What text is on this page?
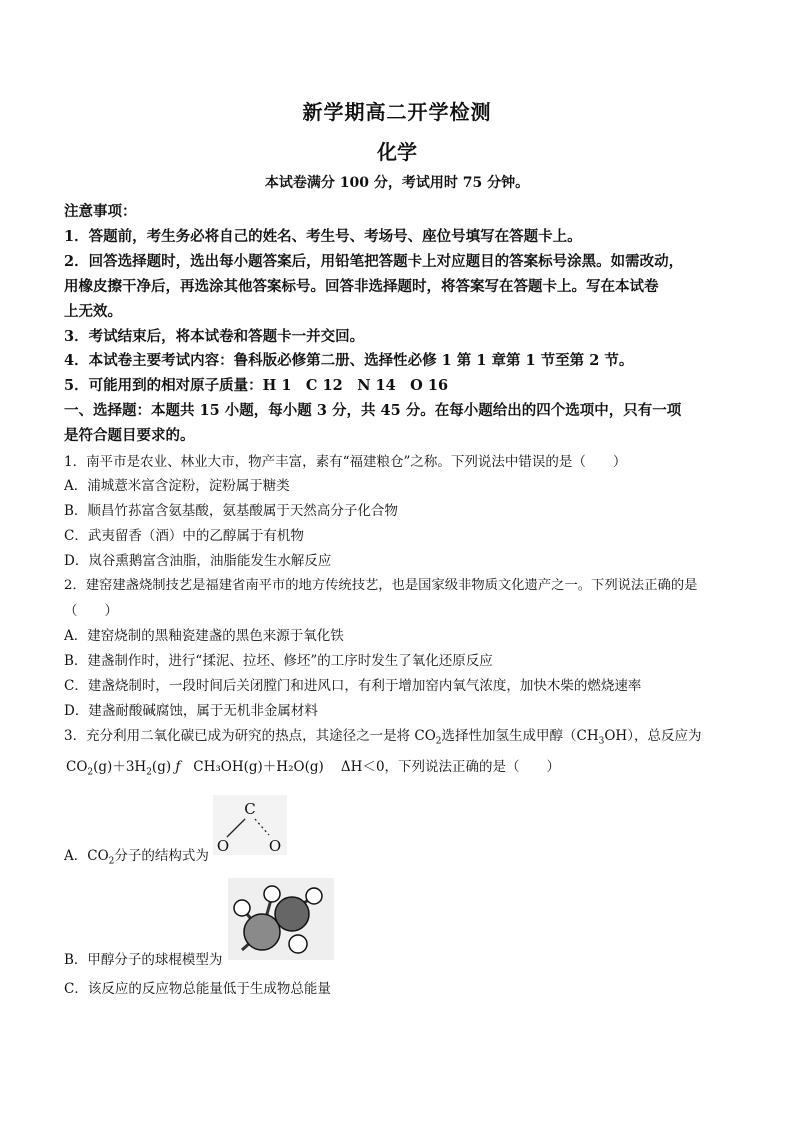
新学期高二开学检测
化学
本试卷满分 100 分，考试用时 75 分钟。
注意事项：
1．答题前，考生务必将自己的姓名、考生号、考场号、座位号填写在答题卡上。
2．回答选择题时，选出每小题答案后，用铅笔把答题卡上对应题目的答案标号涂黑。如需改动，
用橡皮擦干净后，再选涂其他答案标号。回答非选择题时，将答案写在答题卡上。写在本试卷
上无效。
3．考试结束后，将本试卷和答题卡一并交回。
4．本试卷主要考试内容：鲁科版必修第二册、选择性必修 1 第 1 章第 1 节至第 2 节。
5．可能用到的相对原子质量：H 1　C 12　N 14　O 16
一、选择题：本题共 15 小题，每小题 3 分，共 45 分。在每小题给出的四个选项中，只有一项
是符合题目要求的。
1．南平市是农业、林业大市，物产丰富，素有“福建粮仓”之称。下列说法中错误的是（　　）
A．浦城薏米富含淀粉，淀粉属于糖类
B．顺昌竹荪富含氨基酸，氨基酸属于天然高分子化合物
C．武夷留香（酒）中的乙醇属于有机物
D．岚谷熏鹅富含油脂，油脂能发生水解反应
2．建窑建盏烧制技艺是福建省南平市的地方传统技艺，也是国家级非物质文化遗产之一。下列说法正确的是
（　　）
A．建窑烧制的黑釉瓷建盏的黑色来源于氧化铁
B．建盏制作时，进行“揉泥、拉坯、修坯”的工序时发生了氧化还原反应
C．建盏烧制时，一段时间后关闭膛门和进风口，有利于增加窑内氧气浓度，加快木柴的燃烧速率
D．建盏耐酸碱腐蚀，属于无机非金属材料
3．充分利用二氧化碳已成为研究的热点，其途径之一是将 $CO_2$选择性加氢生成甲醇$(CH_3OH)$，总反应为
$CO_2(g)+3H_2(g)$ ƒ CH₃OH(g)＋H₂O(g) ΔH＜0，下列说法正确的是（　　）
A．$CO_2$分子的结构式为
C
O	O
B．甲醇分子的球棍模型为
C．该反应的反应物总能量低于生成物总能量
